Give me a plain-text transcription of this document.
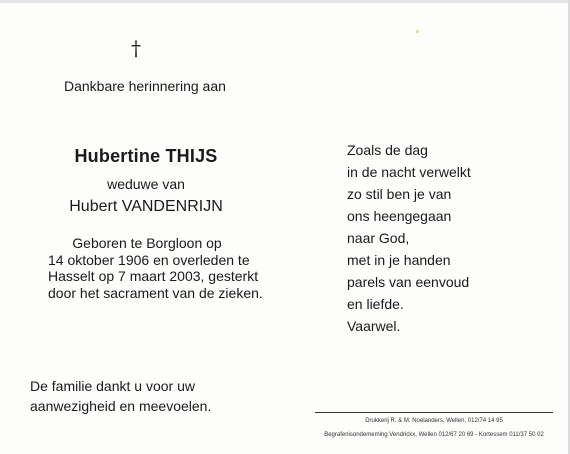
†
Dankbare herinnering aan
Hubertine THIJS
weduwe van
Hubert VANDENRIJN
Geboren te Borgloon op
14 oktober 1906 en overleden te
Hasselt op 7 maart 2003, gesterkt
door het sacrament van de zieken.
Zoals de dag
in de nacht verwelkt
zo stil ben je van
ons heengegaan
naar God,
met in je handen
parels van eenvoud
en liefde.
Vaarwel.
De familie dankt u voor uw
aanwezigheid en meevoelen.
Drukkerij R. & M. Noelanders, Wellen, 012/74 14 95
Begrafenisondememing Vendrickx, Wellen 012/67 20 69 - Kortessem 011/37 50 02
